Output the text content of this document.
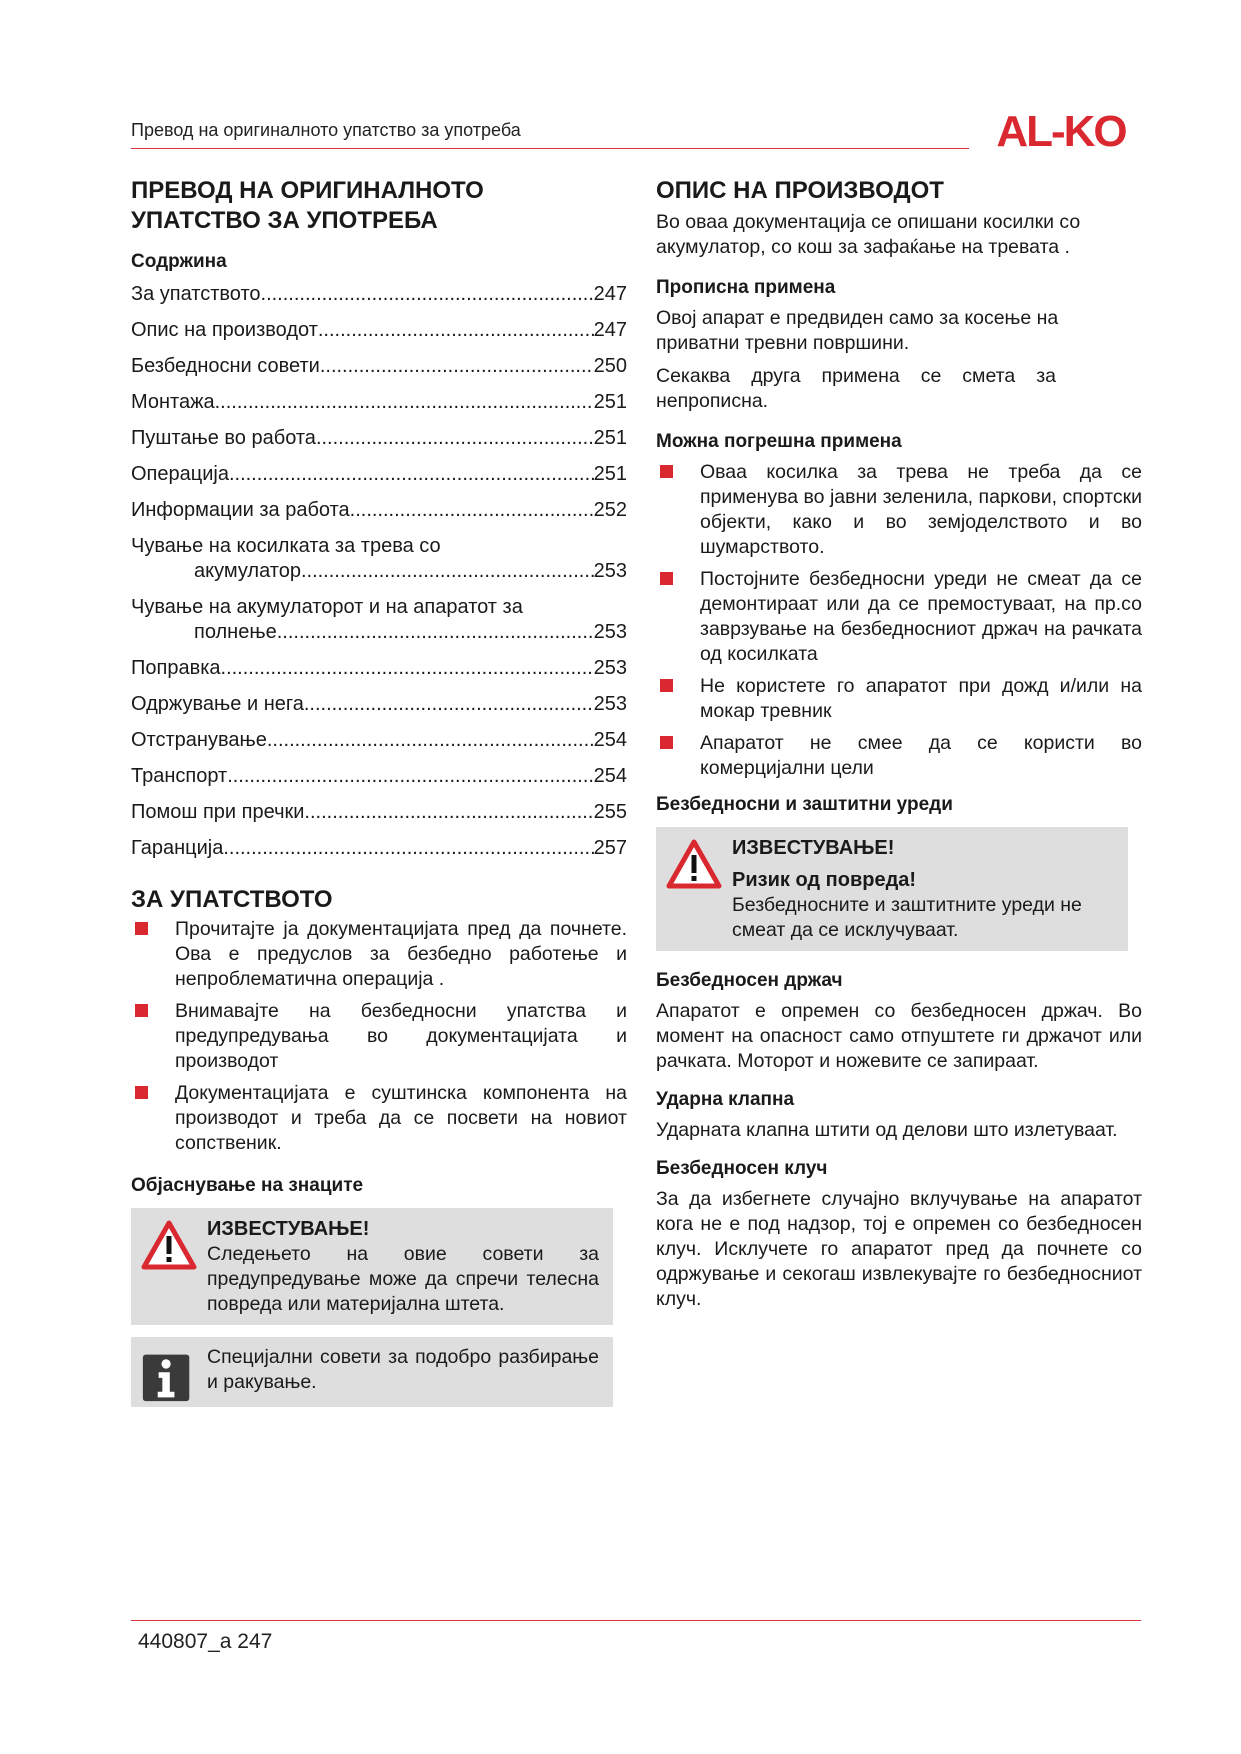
Превод на оригиналното упатство за употреба	AL-KO
ПРЕВОД НА ОРИГИНАЛНОТО
УПАТСТВО ЗА УПОТРЕБА
Содржина
За упатството .....	247
Опис на производот .....	247
Безбедносни совети .....	250
Монтажа .....	251
Пуштање во работа .....	251
Операција .....	251
Информации за работа .....	252
Чување на косилката за трева со
акумулатор .....	253
Чување на акумулаторот и на апаратот за
полнење .....	253
Поправка .....	253
Одржување и нега .....	253
Отстранување .....	254
Транспорт .....	254
Помош при пречки .....	255
Гаранција .....	257
ЗА УПАТСТВОТО
Прочитајте ја документацијата пред да почнете. Ова е предуслов за безбедно работење и непроблематична операција .
Внимавајте на безбедносни упатства и предупредувања во документацијата и производот
Документацијата е суштинска компонента на производот и треба да се посвети на новиот сопственик.
Објаснување на знаците
ИЗВЕСТУВАЊЕ!

Следењето на овие совети за предупредување може да спречи телесна повреда или материјална штета.

Специјални совети за подобро разбирање и ракување.

ОПИС НА ПРОИЗВОДОТ

Во оваа документација се опишани косилки со акумулатор, со кош за зафаќање на тревата .

Прописна примена

Овој апарат е предвиден само за косење на приватни тревни површини.

Секаква друга примена се смета за непрописна.

Можна погрешна примена
Оваа косилка за трева не треба да се применува во јавни зеленила, паркови, спортски објекти, како и во земјоделството и во шумарството.
Постојните безбедносни уреди не смеат да се демонтираат или да се премостуваат, на пр.со заврзување на безбедносниот држач на рачката од косилката
Не користете го апаратот при дожд и/или на мокар тревник
Апаратот не смее да се користи во комерцијални цели
Безбедносни и заштитни уреди
ИЗВЕСТУВАЊЕ!
Ризик од повреда!

Безбедносните и заштитните уреди не смеат да се исклучуваат.

Безбедносен држач

Апаратот е опремен со безбедносен држач. Во момент на опасност само отпуштете ги држачот или рачката. Моторот и ножевите се запираат.

Ударна клапна

Ударната клапна штити од делови што излетуваат.

Безбедносен клуч

За да избегнете случајно вклучување на апаратот кога не е под надзор, тој е опремен со безбедносен клуч. Исклучете го апаратот пред да почнете со одржување и секогаш извлекувајте го безбедносниот клуч.

440807_a 247
